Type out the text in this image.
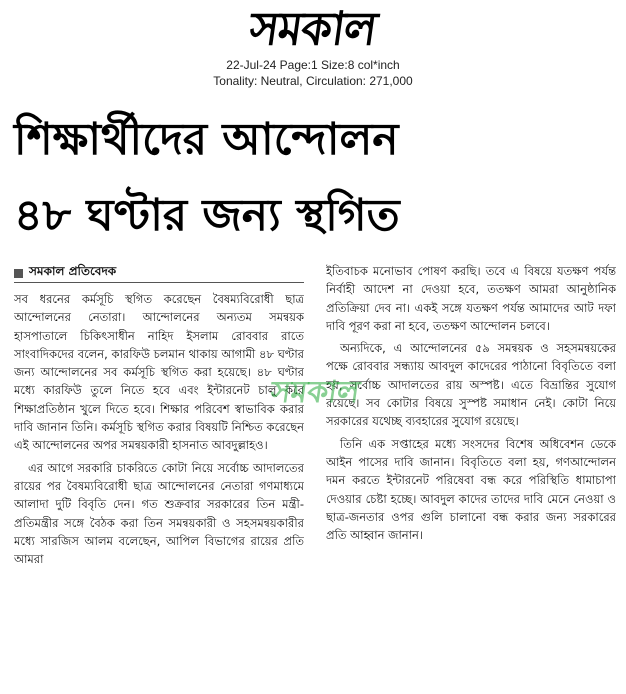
সমকাল
22-Jul-24 Page:1 Size:8 col*inch
Tonality: Neutral, Circulation: 271,000
শিক্ষার্থীদের আন্দোলন
৪৮ ঘণ্টার জন্য স্থগিত
সমকাল প্রতিবেদক

সব ধরনের কর্মসূচি স্থগিত করেছেন বৈষম্যবিরোধী ছাত্র আন্দোলনের নেতারা। আন্দোলনের অন্যতম সমন্বয়ক হাসপাতালে চিকিৎসাধীন নাহিদ ইসলাম রোববার রাতে সাংবাদিকদের বলেন, কারফিউ চলমান থাকায় আগামী ৪৮ ঘণ্টার জন্য আন্দোলনের সব কর্মসূচি স্থগিত করা হয়েছে। ৪৮ ঘণ্টার মধ্যে কারফিউ তুলে নিতে হবে এবং ইন্টারনেট চালু করে শিক্ষাপ্রতিষ্ঠান খুলে দিতে হবে। শিক্ষার পরিবেশ স্বাভাবিক করার দাবি জানান তিনি। কর্মসূচি স্থগিত করার বিষয়টি নিশ্চিত করেছেন এই আন্দোলনের অপর সমন্বয়কারী হাসনাত আবদুল্লাহও।

এর আগে সরকারি চাকরিতে কোটা নিয়ে সর্বোচ্চ আদালতের রায়ের পর বৈষম্যবিরোধী ছাত্র আন্দোলনের নেতারা গণমাধ্যমে আলাদা দুটি বিবৃতি দেন। গত শুক্রবার সরকারের তিন মন্ত্রী-প্রতিমন্ত্রীর সঙ্গে বৈঠক করা তিন সমন্বয়কারী ও সহসমন্বয়কারীর মধ্যে সারজিস আলম বলেছেন, আপিল বিভাগের রায়ের প্রতি আমরা

ইতিবাচক মনোভাব পোষণ করছি। তবে এ বিষয়ে যতক্ষণ পর্যন্ত নির্বাহী আদেশ না দেওয়া হবে, ততক্ষণ আমরা আনুষ্ঠানিক প্রতিক্রিয়া দেব না। একই সঙ্গে যতক্ষণ পর্যন্ত আমাদের আট দফা দাবি পূরণ করা না হবে, ততক্ষণ আন্দোলন চলবে।

অন্যদিকে, এ আন্দোলনের ৫৯ সমন্বয়ক ও সহসমন্বয়কের পক্ষে রোববার সন্ধ্যায় আবদুল কাদেরের পাঠানো বিবৃতিতে বলা হয়, সর্বোচ্চ আদালতের রায় অস্পষ্ট। এতে বিভ্রান্তির সুযোগ রয়েছে। সব কোটার বিষয়ে সুস্পষ্ট সমাধান নেই। কোটা নিয়ে সরকারের যথেচ্ছ ব্যবহারের সুযোগ রয়েছে।

তিনি এক সপ্তাহের মধ্যে সংসদের বিশেষ অধিবেশন ডেকে আইন পাসের দাবি জানান। বিবৃতিতে বলা হয়, গণআন্দোলন দমন করতে ইন্টারনেট পরিষেবা বন্ধ করে পরিস্থিতি ধামাচাপা দেওয়ার চেষ্টা হচ্ছে। আবদুল কাদের তাদের দাবি মেনে নেওয়া ও ছাত্র-জনতার ওপর গুলি চালানো বন্ধ করার জন্য সরকারের প্রতি আহ্বান জানান।

সমকাল
